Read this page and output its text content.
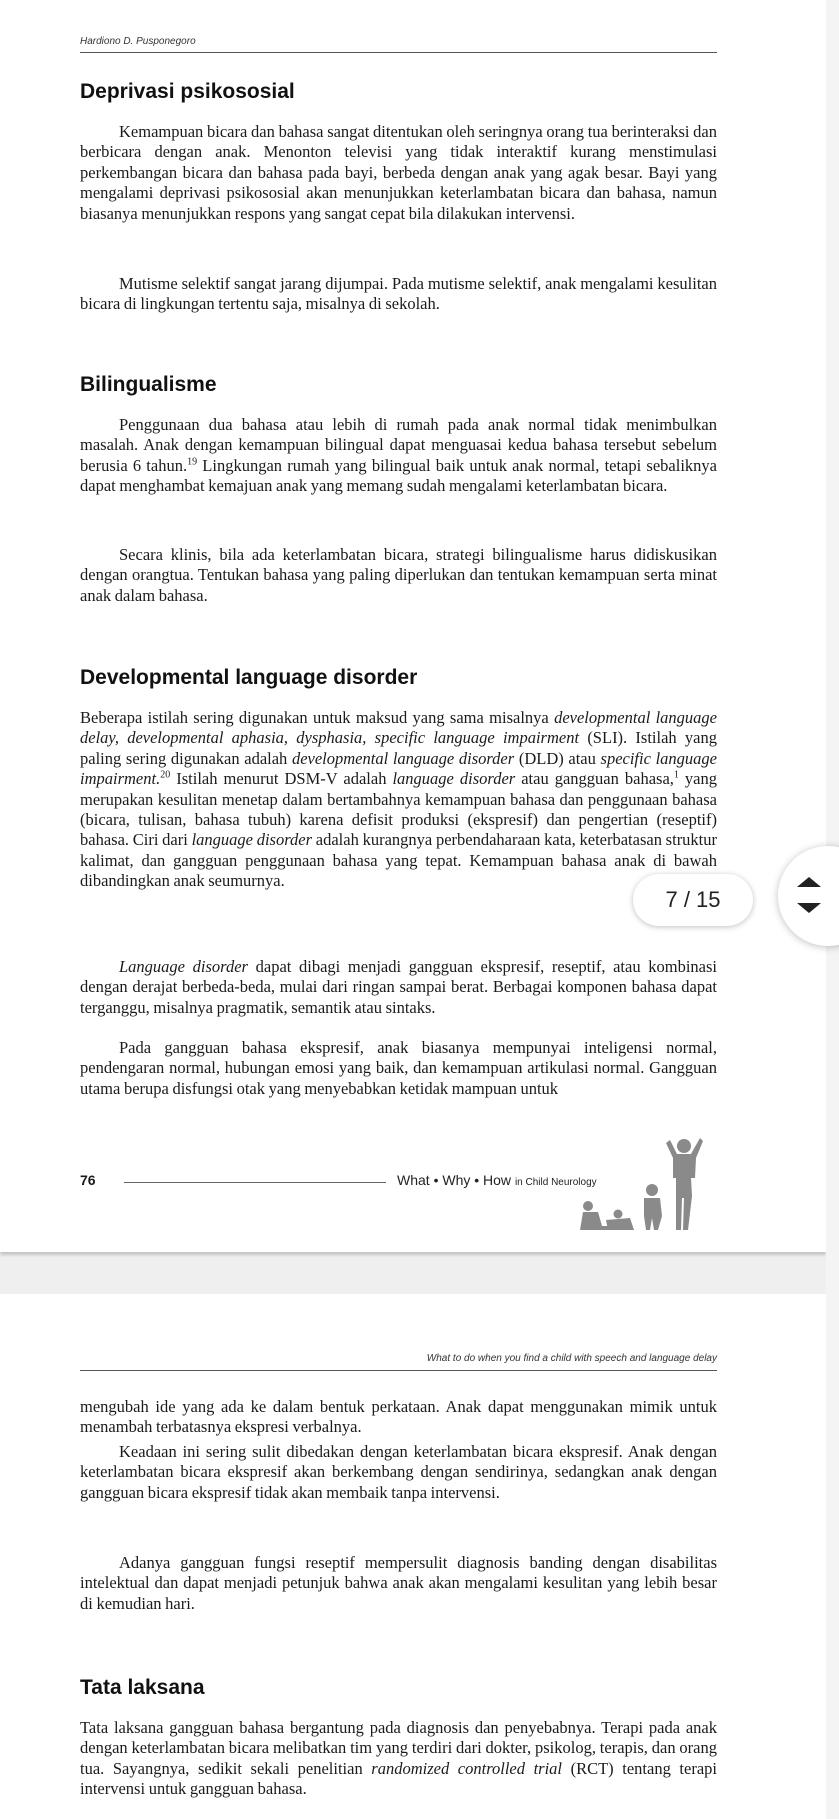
Hardiono D. Pusponegoro
Deprivasi psikososial

Kemampuan bicara dan bahasa sangat ditentukan oleh seringnya orang tua berinteraksi dan berbicara dengan anak. Menonton televisi yang tidak interaktif kurang menstimulasi perkembangan bicara dan bahasa pada bayi, berbeda dengan anak yang agak besar. Bayi yang mengalami deprivasi psikososial akan menunjukkan keterlambatan bicara dan bahasa, namun biasanya menunjukkan respons yang sangat cepat bila dilakukan intervensi.

Mutisme selektif sangat jarang dijumpai. Pada mutisme selektif, anak mengalami kesulitan bicara di lingkungan tertentu saja, misalnya di sekolah.

Bilingualisme

Penggunaan dua bahasa atau lebih di rumah pada anak normal tidak menimbulkan masalah. Anak dengan kemampuan bilingual dapat menguasai kedua bahasa tersebut sebelum berusia 6 tahun.$^{19}$ Lingkungan rumah yang bilingual baik untuk anak normal, tetapi sebaliknya dapat menghambat kemajuan anak yang memang sudah mengalami keterlambatan bicara.

Secara klinis, bila ada keterlambatan bicara, strategi bilingualisme harus didiskusikan dengan orangtua. Tentukan bahasa yang paling diperlukan dan tentukan kemampuan serta minat anak dalam bahasa.

Developmental language disorder

Beberapa istilah sering digunakan untuk maksud yang sama misalnya developmental language delay, developmental aphasia, dysphasia, specific language impairment (SLI). Istilah yang paling sering digunakan adalah developmental language disorder (DLD) atau specific language impairment.$^{20}$ Istilah menurut DSM-V adalah language disorder atau gangguan bahasa,$^1$ yang merupakan kesulitan menetap dalam bertambahnya kemampuan bahasa dan penggunaan bahasa (bicara, tulisan, bahasa tubuh) karena defisit produksi (ekspresif) dan pengertian (reseptif) bahasa. Ciri dari language disorder adalah kurangnya perbendaharaan kata, keterbatasan struktur kalimat, dan gangguan penggunaan bahasa yang tepat. Kemampuan bahasa anak di bawah dibandingkan anak seumurnya.

Language disorder dapat dibagi menjadi gangguan ekspresif, reseptif, atau kombinasi dengan derajat berbeda-beda, mulai dari ringan sampai berat. Berbagai komponen bahasa dapat terganggu, misalnya pragmatik, semantik atau sintaks.

Pada gangguan bahasa ekspresif, anak biasanya mempunyai inteligensi normal, pendengaran normal, hubungan emosi yang baik, dan kemampuan artikulasi normal. Gangguan utama berupa disfungsi otak yang menyebabkan ketidak mampuan untuk

76	What • Why • How in Child Neurology
What to do when you find a child with speech and language delay

mengubah ide yang ada ke dalam bentuk perkataan. Anak dapat menggunakan mimik untuk menambah terbatasnya ekspresi verbalnya.

Keadaan ini sering sulit dibedakan dengan keterlambatan bicara ekspresif. Anak dengan keterlambatan bicara ekspresif akan berkembang dengan sendirinya, sedangkan anak dengan gangguan bicara ekspresif tidak akan membaik tanpa intervensi.

Adanya gangguan fungsi reseptif mempersulit diagnosis banding dengan disabilitas intelektual dan dapat menjadi petunjuk bahwa anak akan mengalami kesulitan yang lebih besar di kemudian hari.

Tata laksana

Tata laksana gangguan bahasa bergantung pada diagnosis dan penyebabnya. Terapi pada anak dengan keterlambatan bicara melibatkan tim yang terdiri dari dokter, psikolog, terapis, dan orang tua. Sayangnya, sedikit sekali penelitian randomized controlled trial (RCT) tentang terapi intervensi untuk gangguan bahasa.

7 / 15
